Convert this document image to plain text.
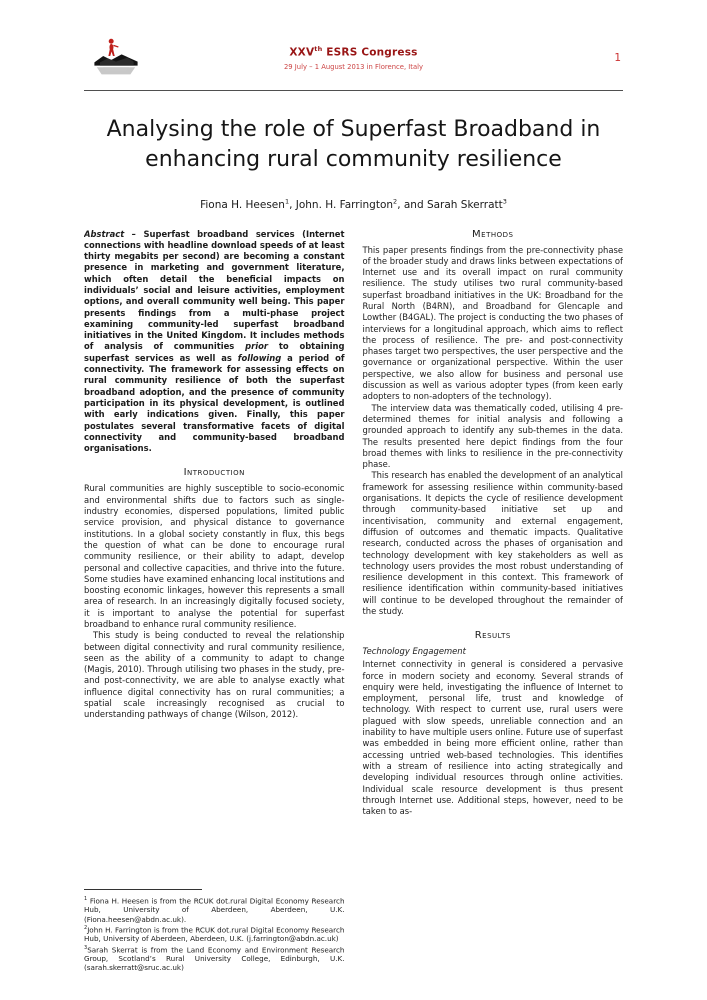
XXVth ESRS Congress
29 July – 1 August 2013 in Florence, Italy
1
Analysing the role of Superfast Broadband in enhancing rural community resilience
Fiona H. Heesen$^1$, John. H. Farrington$^2$, and Sarah Skerratt$^3$

Abstract – Superfast broadband services (Internet connections with headline download speeds of at least thirty megabits per second) are becoming a constant presence in marketing and government literature, which often detail the beneficial impacts on individuals’ social and leisure activities, employment options, and overall community well being. This paper presents findings from a multi-phase project examining community-led superfast broadband initiatives in the United Kingdom. It includes methods of analysis of communities prior to obtaining superfast services as well as following a period of connectivity. The framework for assessing effects on rural community resilience of both the superfast broadband adoption, and the presence of community participation in its physical development, is outlined with early indications given. Finally, this paper postulates several transformative facets of digital connectivity and community-based broadband organisations.

Introduction

Rural communities are highly susceptible to socio-economic and environmental shifts due to factors such as single-industry economies, dispersed populations, limited public service provision, and physical distance to governance institutions. In a global society constantly in flux, this begs the question of what can be done to encourage rural community resilience, or their ability to adapt, develop personal and collective capacities, and thrive into the future. Some studies have examined enhancing local institutions and boosting economic linkages, however this represents a small area of research. In an increasingly digitally focused society, it is important to analyse the potential for superfast broadband to enhance rural community resilience.

This study is being conducted to reveal the relationship between digital connectivity and rural community resilience, seen as the ability of a community to adapt to change (Magis, 2010). Through utilising two phases in the study, pre- and post-connectivity, we are able to analyse exactly what influence digital connectivity has on rural communities; a spatial scale increasingly recognised as crucial to understanding pathways of change (Wilson, 2012).

$^1$ Fiona H. Heesen is from the RCUK dot.rural Digital Economy Research Hub, University of Aberdeen, Aberdeen, U.K. (Fiona.heesen@abdn.ac.uk).

$^2$John H. Farrington is from the RCUK dot.rural Digital Economy Research Hub, University of Aberdeen, Aberdeen, U.K. (j.farrington@abdn.ac.uk)

$^3$Sarah Skerrat is from the Land Economy and Environment Research Group, Scotland’s Rural University College, Edinburgh, U.K. (sarah.skerratt@sruc.ac.uk)

Methods

This paper presents findings from the pre-connectivity phase of the broader study and draws links between expectations of Internet use and its overall impact on rural community resilience. The study utilises two rural community-based superfast broadband initiatives in the UK: Broadband for the Rural North (B4RN), and Broadband for Glencaple and Lowther (B4GAL). The project is conducting the two phases of interviews for a longitudinal approach, which aims to reflect the process of resilience. The pre- and post-connectivity phases target two perspectives, the user perspective and the governance or organizational perspective. Within the user perspective, we also allow for business and personal use discussion as well as various adopter types (from keen early adopters to non-adopters of the technology).

The interview data was thematically coded, utilising 4 pre-determined themes for initial analysis and following a grounded approach to identify any sub-themes in the data. The results presented here depict findings from the four broad themes with links to resilience in the pre-connectivity phase.

This research has enabled the development of an analytical framework for assessing resilience within community-based organisations. It depicts the cycle of resilience development through community-based initiative set up and incentivisation, community and external engagement, diffusion of outcomes and thematic impacts. Qualitative research, conducted across the phases of organisation and technology development with key stakeholders as well as technology users provides the most robust understanding of resilience development in this context. This framework of resilience identification within community-based initiatives will continue to be developed throughout the remainder of the study.

Results
Technology Engagement

Internet connectivity in general is considered a pervasive force in modern society and economy. Several strands of enquiry were held, investigating the influence of Internet to employment, personal life, trust and knowledge of technology. With respect to current use, rural users were plagued with slow speeds, unreliable connection and an inability to have multiple users online. Future use of superfast was embedded in being more efficient online, rather than accessing untried web-based technologies. This identifies with a stream of resilience into acting strategically and developing individual resources through online activities. Individual scale resource development is thus present through Internet use. Additional steps, however, need to be taken to as-
